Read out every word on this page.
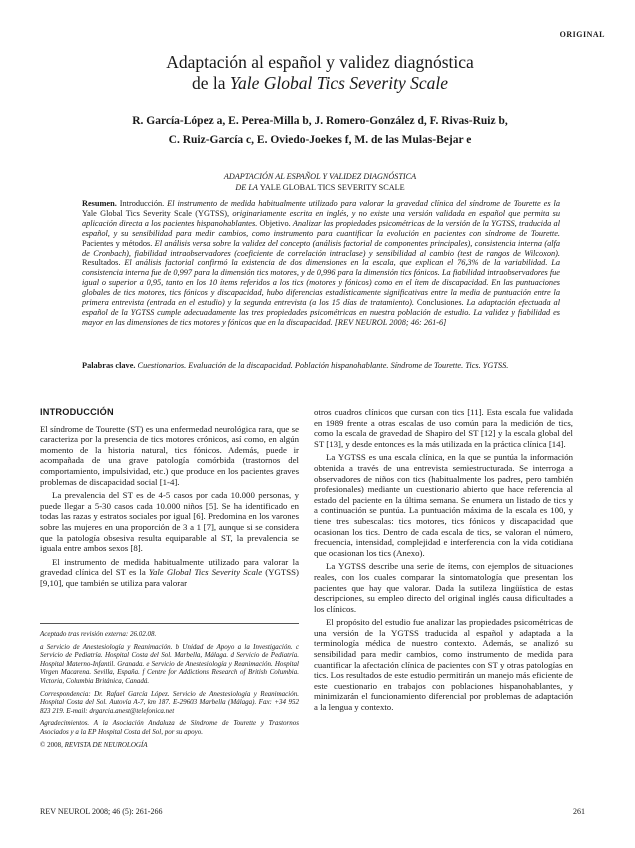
ORIGINAL
Adaptación al español y validez diagnóstica
de la Yale Global Tics Severity Scale
R. García-López a, E. Perea-Milla b, J. Romero-González d, F. Rivas-Ruiz b,
C. Ruiz-García c, E. Oviedo-Joekes f, M. de las Mulas-Bejar e
ADAPTACIÓN AL ESPAÑOL Y VALIDEZ DIAGNÓSTICA
DE LA YALE GLOBAL TICS SEVERITY SCALE

Resumen. Introducción. El instrumento de medida habitualmente utilizado para valorar la gravedad clínica del síndrome de Tourette es la Yale Global Tics Severity Scale (YGTSS), originariamente escrita en inglés, y no existe una versión validada en español que permita su aplicación directa a los pacientes hispanohablantes. Objetivo. Analizar las propiedades psicométricas de la versión de la YGTSS, traducida al español, y su sensibilidad para medir cambios, como instrumento para cuantificar la evolución en pacientes con síndrome de Tourette. Pacientes y métodos. El análisis versa sobre la validez del concepto (análisis factorial de componentes principales), consistencia interna (alfa de Cronbach), fiabilidad intraobservadores (coeficiente de correlación intraclase) y sensibilidad al cambio (test de rangos de Wilcoxon). Resultados. El análisis factorial confirmó la existencia de dos dimensiones en la escala, que explican el 76,3% de la variabilidad. La consistencia interna fue de 0,997 para la dimensión tics motores, y de 0,996 para la dimensión tics fónicos. La fiabilidad intraobservadores fue igual o superior a 0,95, tanto en los 10 ítems referidos a los tics (motores y fónicos) como en el ítem de discapacidad. En las puntuaciones globales de tics motores, tics fónicos y discapacidad, hubo diferencias estadísticamente significativas entre la media de puntuación entre la primera entrevista (entrada en el estudio) y la segunda entrevista (a los 15 días de tratamiento). Conclusiones. La adaptación efectuada al español de la YGTSS cumple adecuadamente las tres propiedades psicométricas en nuestra población de estudio. La validez y fiabilidad es mayor en las dimensiones de tics motores y fónicos que en la discapacidad. [REV NEUROL 2008; 46: 261-6]

Palabras clave. Cuestionarios. Evaluación de la discapacidad. Población hispanohablante. Síndrome de Tourette. Tics. YGTSS.

INTRODUCCIÓN

El síndrome de Tourette (ST) es una enfermedad neurológica rara, que se caracteriza por la presencia de tics motores crónicos, así como, en algún momento de la historia natural, tics fónicos. Además, puede ir acompañada de una grave patología comórbida (trastornos del comportamiento, impulsividad, etc.) que produce en los pacientes graves problemas de discapacidad social [1-4].

La prevalencia del ST es de 4-5 casos por cada 10.000 personas, y puede llegar a 5-30 casos cada 10.000 niños [5]. Se ha identificado en todas las razas y estratos sociales por igual [6]. Predomina en los varones sobre las mujeres en una proporción de 3 a 1 [7], aunque si se considera que la patología obsesiva resulta equiparable al ST, la prevalencia se iguala entre ambos sexos [8].

El instrumento de medida habitualmente utilizado para valorar la gravedad clínica del ST es la Yale Global Tics Severity Scale (YGTSS) [9,10], que también se utiliza para valorar

Aceptado tras revisión externa: 26.02.08.

a Servicio de Anestesiología y Reanimación. b Unidad de Apoyo a la Investigación. c Servicio de Pediatría. Hospital Costa del Sol. Marbella, Málaga. d Servicio de Pediatría. Hospital Materno-Infantil. Granada. e Servicio de Anestesiología y Reanimación. Hospital Virgen Macarena. Sevilla, España. f Centre for Addictions Research of British Columbia. Victoria, Columbia Británica, Canadá.

Correspondencia: Dr. Rafael García López. Servicio de Anestesiología y Reanimación. Hospital Costa del Sol. Autovía A-7, km 187. E-29603 Marbella (Málaga). Fax: +34 952 823 219. E-mail: drgarcia.anest@telefonica.net

Agradecimientos. A la Asociación Andaluza de Síndrome de Tourette y Trastornos Asociados y a la EP Hospital Costa del Sol, por su apoyo.

© 2008, REVISTA DE NEUROLOGÍA

otros cuadros clínicos que cursan con tics [11]. Esta escala fue validada en 1989 frente a otras escalas de uso común para la medición de tics, como la escala de gravedad de Shapiro del ST [12] y la escala global del ST [13], y desde entonces es la más utilizada en la práctica clínica [14].

La YGTSS es una escala clínica, en la que se puntúa la información obtenida a través de una entrevista semiestructurada. Se interroga a observadores de niños con tics (habitualmente los padres, pero también profesionales) mediante un cuestionario abierto que hace referencia al estado del paciente en la última semana. Se enumera un listado de tics y a continuación se puntúa. La puntuación máxima de la escala es 100, y tiene tres subescalas: tics motores, tics fónicos y discapacidad que ocasionan los tics. Dentro de cada escala de tics, se valoran el número, frecuencia, intensidad, complejidad e interferencia con la vida cotidiana que ocasionan los tics (Anexo).

La YGTSS describe una serie de ítems, con ejemplos de situaciones reales, con los cuales comparar la sintomatología que presentan los pacientes que hay que valorar. Dada la sutileza lingüística de estas descripciones, su empleo directo del original inglés causa dificultades a los clínicos.

El propósito del estudio fue analizar las propiedades psicométricas de una versión de la YGTSS traducida al español y adaptada a la terminología médica de nuestro contexto. Además, se analizó su sensibilidad para medir cambios, como instrumento de medida para cuantificar la afectación clínica de pacientes con ST y otras patologías en tics. Los resultados de este estudio permitirán un manejo más eficiente de este cuestionario en trabajos con poblaciones hispanohablantes, y minimizarán el funcionamiento diferencial por problemas de adaptación a la lengua y contexto.

REV NEUROL 2008; 46 (5): 261-266	261
